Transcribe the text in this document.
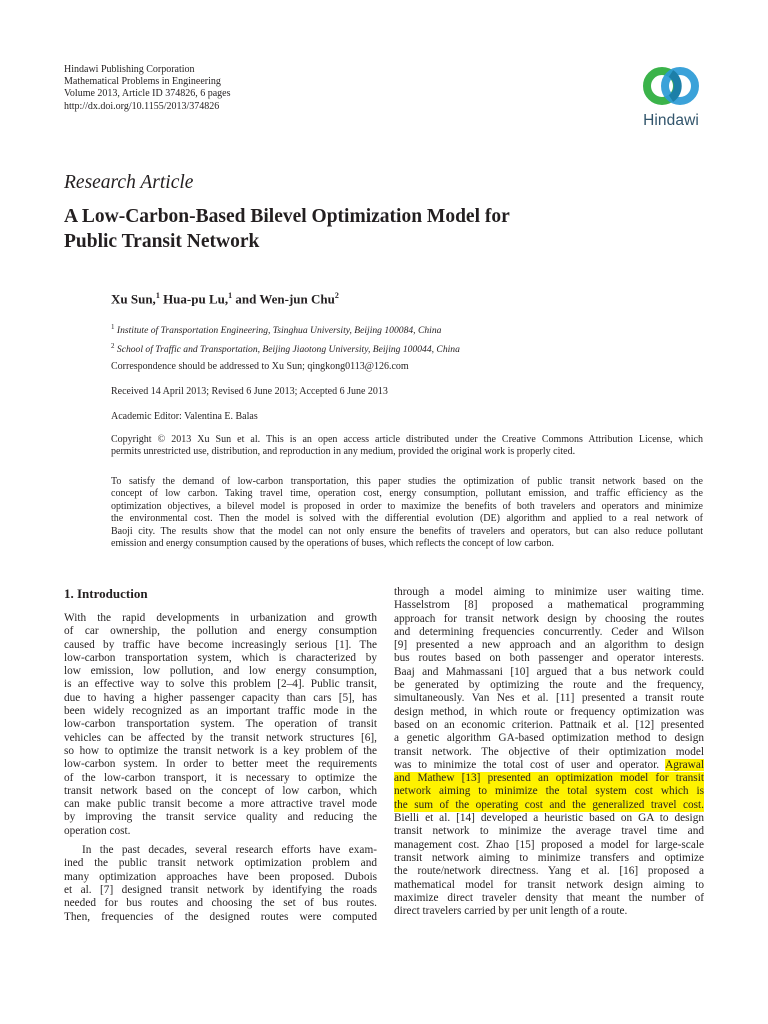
Hindawi Publishing Corporation
Mathematical Problems in Engineering
Volume 2013, Article ID 374826, 6 pages
http://dx.doi.org/10.1155/2013/374826
Hindawi
Research Article
A Low-Carbon-Based Bilevel Optimization Model for
Public Transit Network
Xu Sun,$^1$ Hua-pu Lu,$^1$ and Wen-jun Chu$^2$
$^1$ Institute of Transportation Engineering, Tsinghua University, Beijing 100084, China
$^2$ School of Traffic and Transportation, Beijing Jiaotong University, Beijing 100044, China
Correspondence should be addressed to Xu Sun; qingkong0113@126.com
Received 14 April 2013; Revised 6 June 2013; Accepted 6 June 2013
Academic Editor: Valentina E. Balas
Copyright © 2013 Xu Sun et al. This is an open access article distributed under the Creative Commons Attribution License, which
permits unrestricted use, distribution, and reproduction in any medium, provided the original work is properly cited.
To satisfy the demand of low-carbon transportation, this paper studies the optimization of public transit network based on the
concept of low carbon. Taking travel time, operation cost, energy consumption, pollutant emission, and traffic efficiency as the
optimization objectives, a bilevel model is proposed in order to maximize the benefits of both travelers and operators and minimize
the environmental cost. Then the model is solved with the differential evolution (DE) algorithm and applied to a real network of
Baoji city. The results show that the model can not only ensure the benefits of travelers and operators, but can also reduce pollutant
emission and energy consumption caused by the operations of buses, which reflects the concept of low carbon.
1. Introduction
With the rapid developments in urbanization and growth
of car ownership, the pollution and energy consumption
caused by traffic have become increasingly serious [1]. The
low-carbon transportation system, which is characterized by
low emission, low pollution, and low energy consumption,
is an effective way to solve this problem [2–4]. Public transit,
due to having a higher passenger capacity than cars [5], has
been widely recognized as an important traffic mode in the
low-carbon transportation system. The operation of transit
vehicles can be affected by the transit network structures [6],
so how to optimize the transit network is a key problem of the
low-carbon system. In order to better meet the requirements
of the low-carbon transport, it is necessary to optimize the
transit network based on the concept of low carbon, which
can make public transit become a more attractive travel mode
by improving the transit service quality and reducing the
operation cost.
In the past decades, several research efforts have exam-
ined the public transit network optimization problem and
many optimization approaches have been proposed. Dubois
et al. [7] designed transit network by identifying the roads
needed for bus routes and choosing the set of bus routes.
Then, frequencies of the designed routes were computed
through a model aiming to minimize user waiting time.
Hasselstrom [8] proposed a mathematical programming
approach for transit network design by choosing the routes
and determining frequencies concurrently. Ceder and Wilson
[9] presented a new approach and an algorithm to design
bus routes based on both passenger and operator interests.
Baaj and Mahmassani [10] argued that a bus network could
be generated by optimizing the route and the frequency,
simultaneously. Van Nes et al. [11] presented a transit route
design method, in which route or frequency optimization was
based on an economic criterion. Pattnaik et al. [12] presented
a genetic algorithm GA-based optimization method to design
transit network. The objective of their optimization model
was to minimize the total cost of user and operator. Agrawal
and Mathew [13] presented an optimization model for transit
network aiming to minimize the total system cost which is
the sum of the operating cost and the generalized travel cost.
Bielli et al. [14] developed a heuristic based on GA to design
transit network to minimize the average travel time and
management cost. Zhao [15] proposed a model for large-scale
transit network aiming to minimize transfers and optimize
the route/network directness. Yang et al. [16] proposed a
mathematical model for transit network design aiming to
maximize direct traveler density that meant the number of
direct travelers carried by per unit length of a route.
